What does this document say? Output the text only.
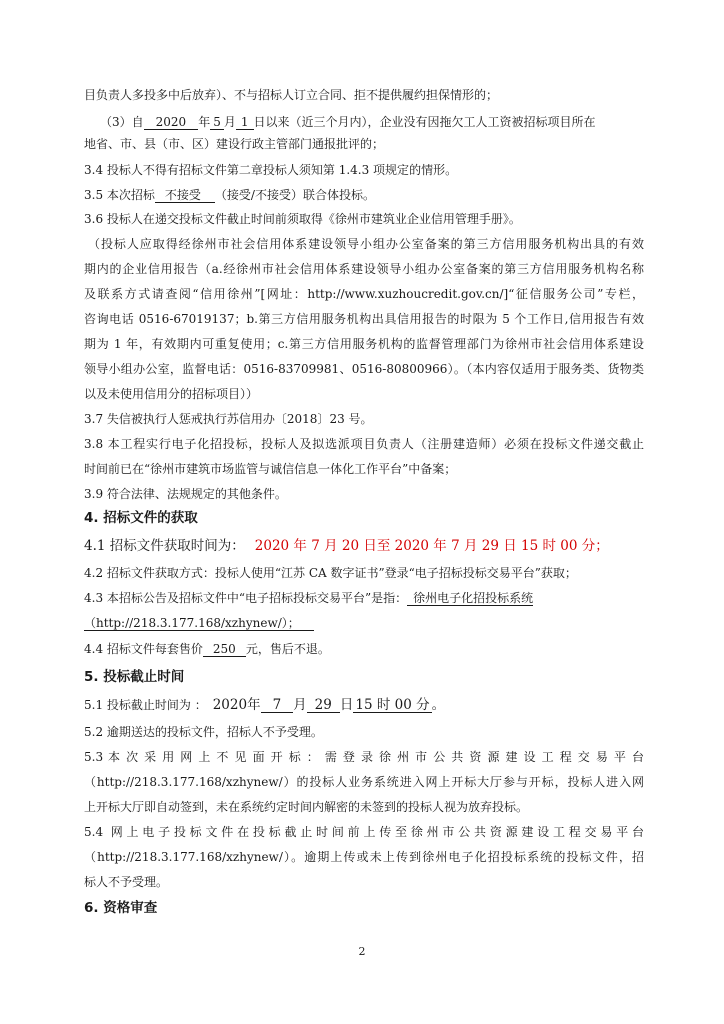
目负责人多投多中后放弃）、不与招标人订立合同、拒不提供履约担保情形的；
（3）自 2020 年 5 月 1 日以来（近三个月内），企业没有因拖欠工人工资被招标项目所在
地省、市、县（市、区）建设行政主管部门通报批评的；
3.4 投标人不得有招标文件第二章投标人须知第 1.4.3 项规定的情形。
3.5 本次招标 不接受 （接受/不接受）联合体投标。
3.6 投标人在递交投标文件截止时间前须取得《徐州市建筑业企业信用管理手册》。
（投标人应取得经徐州市社会信用体系建设领导小组办公室备案的第三方信用服务机构出具的有效
期内的企业信用报告（a.经徐州市社会信用体系建设领导小组办公室备案的第三方信用服务机构名称
及联系方式请查阅“信用徐州”[网址：http://www.xuzhoucredit.gov.cn/]“征信服务公司”专栏，
咨询电话 0516-67019137；b.第三方信用服务机构出具信用报告的时限为 5 个工作日,信用报告有效
期为 1 年，有效期内可重复使用；c.第三方信用服务机构的监督管理部门为徐州市社会信用体系建设
领导小组办公室，监督电话：0516-83709981、0516-80800966）。（本内容仅适用于服务类、货物类
以及未使用信用分的招标项目））
3.7 失信被执行人惩戒执行苏信用办〔2018〕23 号。
3.8 本工程实行电子化招投标，投标人及拟选派项目负责人（注册建造师）必须在投标文件递交截止
时间前已在“徐州市建筑市场监管与诚信信息一体化工作平台”中备案；
3.9 符合法律、法规规定的其他条件。
4. 招标文件的获取
4.1 招标文件获取时间为： 2020 年 7 月 20 日至 2020 年 7 月 29 日 15 时 00 分；
4.2 招标文件获取方式：投标人使用“江苏 CA 数字证书”登录“电子招标投标交易平台”获取；
4.3 本招标公告及招标文件中“电子招标投标交易平台”是指： 徐州电子化招投标系统
（http://218.3.177.168/xzhynew/）；
4.4 招标文件每套售价 250 元，售后不退。
5. 投标截止时间
5.1 投标截止时间为 ： 2020年 7 月 29 日 15 时 00 分 。
5.2 逾期送达的投标文件，招标人不予受理。
5.3 本 次 采 用 网 上 不 见 面 开 标 ： 需 登 录 徐 州 市 公 共 资 源 建 设 工 程 交 易 平 台
（http://218.3.177.168/xzhynew/）的投标人业务系统进入网上开标大厅参与开标，投标人进入网
上开标大厅即自动签到，未在系统约定时间内解密的未签到的投标人视为放弃投标。
5.4 网上电子投标文件在投标截止时间前上传至徐州市公共资源建设工程交易平台
（http://218.3.177.168/xzhynew/）。逾期上传或未上传到徐州电子化招投标系统的投标文件，招
标人不予受理。
6. 资格审查
2
